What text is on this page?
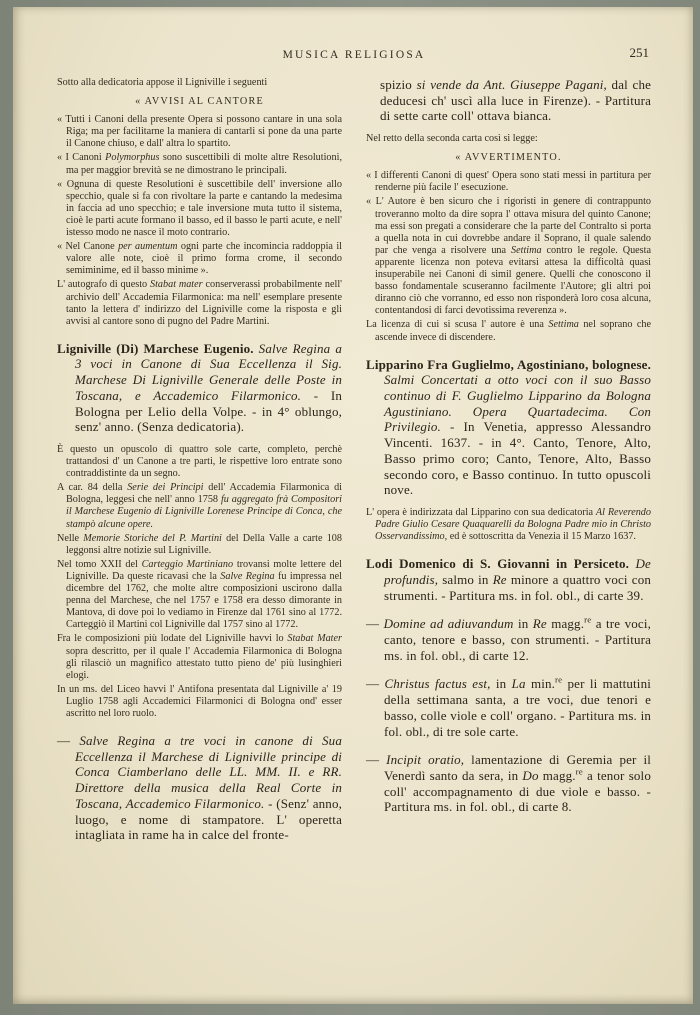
MUSICA RELIGIOSA	251

Sotto alla dedicatoria appose il Ligniville i seguenti

« AVVISI AL CANTORE

« Tutti i Canoni della presente Opera si possono cantare in una sola Riga; ma per facilitarne la maniera di cantarli si pone da una parte il Canone chiuso, e dall' altra lo spartito.

« I Canoni Polymorphus sono suscettibili di molte altre Resolutioni, ma per maggior brevità se ne dimostrano le principali.

« Ognuna di queste Resolutioni è suscettibile dell' inversione allo specchio, quale si fa con rivoltare la parte e cantando la medesima in faccia ad uno specchio; e tale inversione muta tutto il sistema, cioè le parti acute formano il basso, ed il basso le parti acute, e nell' istesso modo ne nasce il moto contrario.

« Nel Canone per aumentum ogni parte che incomincia raddoppia il valore alle note, cioè il primo forma crome, il secondo semiminime, ed il basso minime ».

L' autografo di questo Stabat mater conserverassi probabilmente nell' archivio dell' Accademia Filarmonica: ma nell' esemplare presente tanto la lettera d' indirizzo del Ligniville come la risposta e gli avvisi al cantore sono di pugno del Padre Martini.

Ligniville (Di) Marchese Eugenio. Salve Regina a 3 voci in Canone di Sua Eccellenza il Sig. Marchese Di Ligniville Generale delle Poste in Toscana, e Accademico Filarmonico. - In Bologna per Lelio della Volpe. - in 4° oblungo, senz' anno. (Senza dedicatoria).

È questo un opuscolo di quattro sole carte, completo, perchè trattandosi d' un Canone a tre parti, le rispettive loro entrate sono contraddistinte da un segno.

A car. 84 della Serie dei Principi dell' Accademia Filarmonica di Bologna, leggesi che nell' anno 1758 fu aggregato frà Compositori il Marchese Eugenio di Ligniville Lorenese Principe di Conca, che stampò alcune opere.

Nelle Memorie Storiche del P. Martini del Della Valle a carte 108 leggonsi altre notizie sul Ligniville.

Nel tomo XXII del Carteggio Martiniano trovansi molte lettere del Ligniville. Da queste ricavasi che la Salve Regina fu impressa nel dicembre del 1762, che molte altre composizioni uscirono dalla penna del Marchese, che nel 1757 e 1758 era desso dimorante in Mantova, di dove poi lo vediamo in Firenze dal 1761 sino al 1772. Carteggiò il Martini col Ligniville dal 1757 sino al 1772.

Fra le composizioni più lodate del Ligniville havvi lo Stabat Mater sopra descritto, per il quale l' Accademia Filarmonica di Bologna gli rilasciò un magnifico attestato tutto pieno de' più lusinghieri elogi.

In un ms. del Liceo havvi l' Antifona presentata dal Ligniville a' 19 Luglio 1758 agli Accademici Filarmonici di Bologna ond' esser ascritto nel loro ruolo.

— Salve Regina a tre voci in canone di Sua Eccellenza il Marchese di Ligniville principe di Conca Ciamberlano delle LL. MM. II. e RR. Direttore della musica della Real Corte in Toscana, Accademico Filarmonico. - (Senz' anno, luogo, e nome di stampatore. L' operetta intagliata in rame ha in calce del fronte-

spizio si vende da Ant. Giuseppe Pagani, dal che deducesi ch' uscì alla luce in Firenze). - Partitura di sette carte coll' ottava bianca.

Nel retto della seconda carta così si legge:

« AVVERTIMENTO.

« I differenti Canoni di quest' Opera sono stati messi in partitura per renderne più facile l' esecuzione.

« L' Autore è ben sicuro che i rigoristi in genere di contrappunto troveranno molto da dire sopra l' ottava misura del quinto Canone; ma essi son pregati a considerare che la parte del Contralto si porta a quella nota in cui dovrebbe andare il Soprano, il quale salendo par che venga a risolvere una Settima contro le regole. Questa apparente licenza non poteva evitarsi attesa la difficoltà quasi insuperabile nei Canoni di simil genere. Quelli che conoscono il basso fondamentale scuseranno facilmente l'Autore; gli altri poi diranno ciò che vorranno, ed esso non risponderà loro cosa alcuna, contentandosi di farci devotissima reverenza ».

La licenza di cui si scusa l' autore è una Settima nel soprano che ascende invece di discendere.

Lipparino Fra Guglielmo, Agostiniano, bolognese. Salmi Concertati a otto voci con il suo Basso continuo di F. Guglielmo Lipparino da Bologna Agustiniano. Opera Quartadecima. Con Privilegio. - In Venetia, appresso Alessandro Vincenti. 1637. - in 4°. Canto, Tenore, Alto, Basso primo coro; Canto, Tenore, Alto, Basso secondo coro, e Basso continuo. In tutto opuscoli nove.

L' opera è indirizzata dal Lipparino con sua dedicatoria Al Reverendo Padre Giulio Cesare Quaquarelli da Bologna Padre mio in Christo Osservandissimo, ed è sottoscritta da Venezia il 15 Marzo 1637.

Lodi Domenico di S. Giovanni in Persiceto. De profundis, salmo in Re minore a quattro voci con strumenti. - Partitura ms. in fol. obl., di carte 39.

— Domine ad adiuvandum in Re magg.$^{re}$ a tre voci, canto, tenore e basso, con strumenti. - Partitura ms. in fol. obl., di carte 12.

— Christus factus est, in La min.$^{re}$ per li mattutini della settimana santa, a tre voci, due tenori e basso, colle viole e coll' organo. - Partitura ms. in fol. obl., di tre sole carte.

— Incipit oratio, lamentazione di Geremia per il Venerdì santo da sera, in Do magg.$^{re}$ a tenor solo coll' accompagnamento di due viole e basso. - Partitura ms. in fol. obl., di carte 8.
